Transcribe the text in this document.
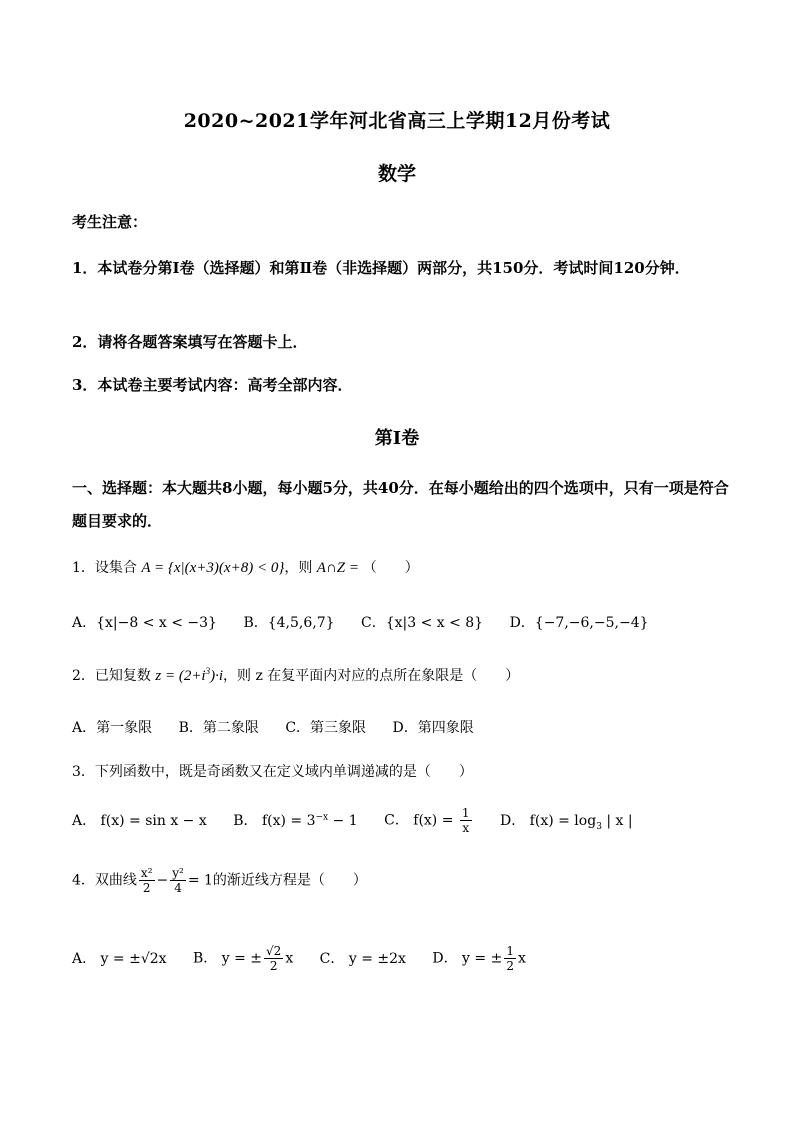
2020~2021学年河北省高三上学期12月份考试
数学
考生注意：
1．本试卷分第Ⅰ卷（选择题）和第Ⅱ卷（非选择题）两部分，共150分．考试时间120分钟．
2．请将各题答案填写在答题卡上．
3．本试卷主要考试内容：高考全部内容．
第Ⅰ卷
一、选择题：本大题共8小题，每小题5分，共40分．在每小题给出的四个选项中，只有一项是符合题目要求的．
1．设集合 A = {x|(x+3)(x+8) < 0}，则 A∩Z = （　　）
A．{x|−8 < x < −3} B．{4,5,6,7} C．{x|3 < x < 8} D．{−7,−6,−5,−4}
2．已知复数 $z = (2+i^3)\cdot i$，则 z 在复平面内对应的点所在象限是（　　）
A．第一象限 B．第二象限 C．第三象限 D．第四象限
3．下列函数中，既是奇函数又在定义域内单调递减的是（　　）
A． f(x) = sin x − x B． $f(x) = 3^{-x} - 1$ C． $f(x) = \frac{1}{x}$ D． $f(x) = \log_3$ | x |
4．双曲线 $\frac{\text{x²}}{2} - \frac{\text{y²}}{4} = 1$的渐近线方程是（　　）
A． y = ±√2x B． y = ± $\frac{√2}{2}$ x C． y = ±2x D． y = ± $\frac{1}{2}$ x
